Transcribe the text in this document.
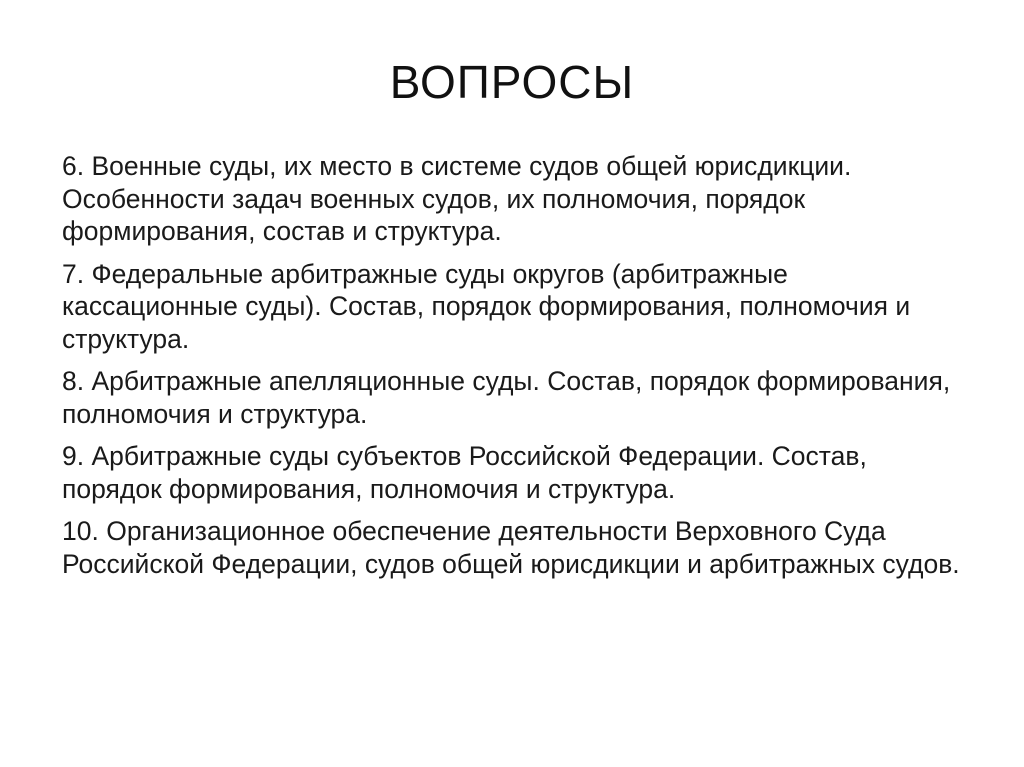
ВОПРОСЫ
6. Военные суды, их место в системе судов общей юрисдикции. Особенности задач военных судов, их полномочия, порядок формирования, состав и структура.
7. Федеральные арбитражные суды округов (арбитражные кассационные суды). Состав, порядок формирования, полномочия и структура.
8. Арбитражные апелляционные суды. Состав, порядок формирования, полномочия и структура.
9. Арбитражные суды субъектов Российской Федерации. Состав, порядок формирования, полномочия и структура.
10. Организационное обеспечение деятельности Верховного Суда Российской Федерации, судов общей юрисдикции и арбитражных судов.
